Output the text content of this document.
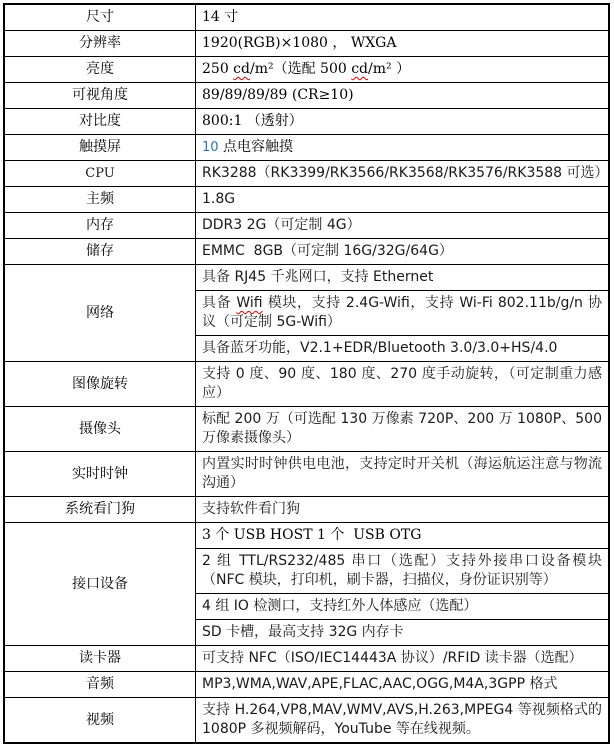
尺寸	14 寸
分辨率	1920(RGB)×1080 ， WXGA
亮度	250 cd/m²（选配 500 cd/m² ）
可视角度	89/89/89/89 (CR≥10)
对比度	800:1 （透射）
触摸屏	10 点电容触摸
CPU	RK3288（RK3399/RK3566/RK3568/RK3576/RK3588 可选）
主频	1.8G
内存	DDR3 2G（可定制 4G）
储存	EMMC  8GB（可定制 16G/32G/64G）
网络	具备 RJ45 千兆网口，支持 Ethernet
	具备 Wifi 模块，支持 2.4G-Wifi，支持 Wi-Fi 802.11b/g/n 协议（可定制 5G-Wifi）
	具备蓝牙功能，V2.1+EDR/Bluetooth 3.0/3.0+HS/4.0
图像旋转	支持 0 度、90 度、180 度、270 度手动旋转，（可定制重力感应）
摄像头	标配 200 万（可选配 130 万像素 720P、200 万 1080P、500 万像素摄像头）
实时时钟	内置实时时钟供电电池，支持定时开关机（海运航运注意与物流沟通）
系统看门狗	支持软件看门狗
接口设备	3 个 USB HOST 1 个  USB OTG
	2 组 TTL/RS232/485 串口（选配）支持外接串口设备模块（NFC 模块，打印机，刷卡器，扫描仪，身份证识别等）
	4 组 IO 检测口，支持红外人体感应（选配）
	SD 卡槽，最高支持 32G 内存卡
读卡器	可支持 NFC（ISO/IEC14443A 协议）/RFID 读卡器（选配）
音频	MP3,WMA,WAV,APE,FLAC,AAC,OGG,M4A,3GPP 格式
视频	支持 H.264,VP8,MAV,WMV,AVS,H.263,MPEG4 等视频格式的 1080P 多视频解码，YouTube 等在线视频。
